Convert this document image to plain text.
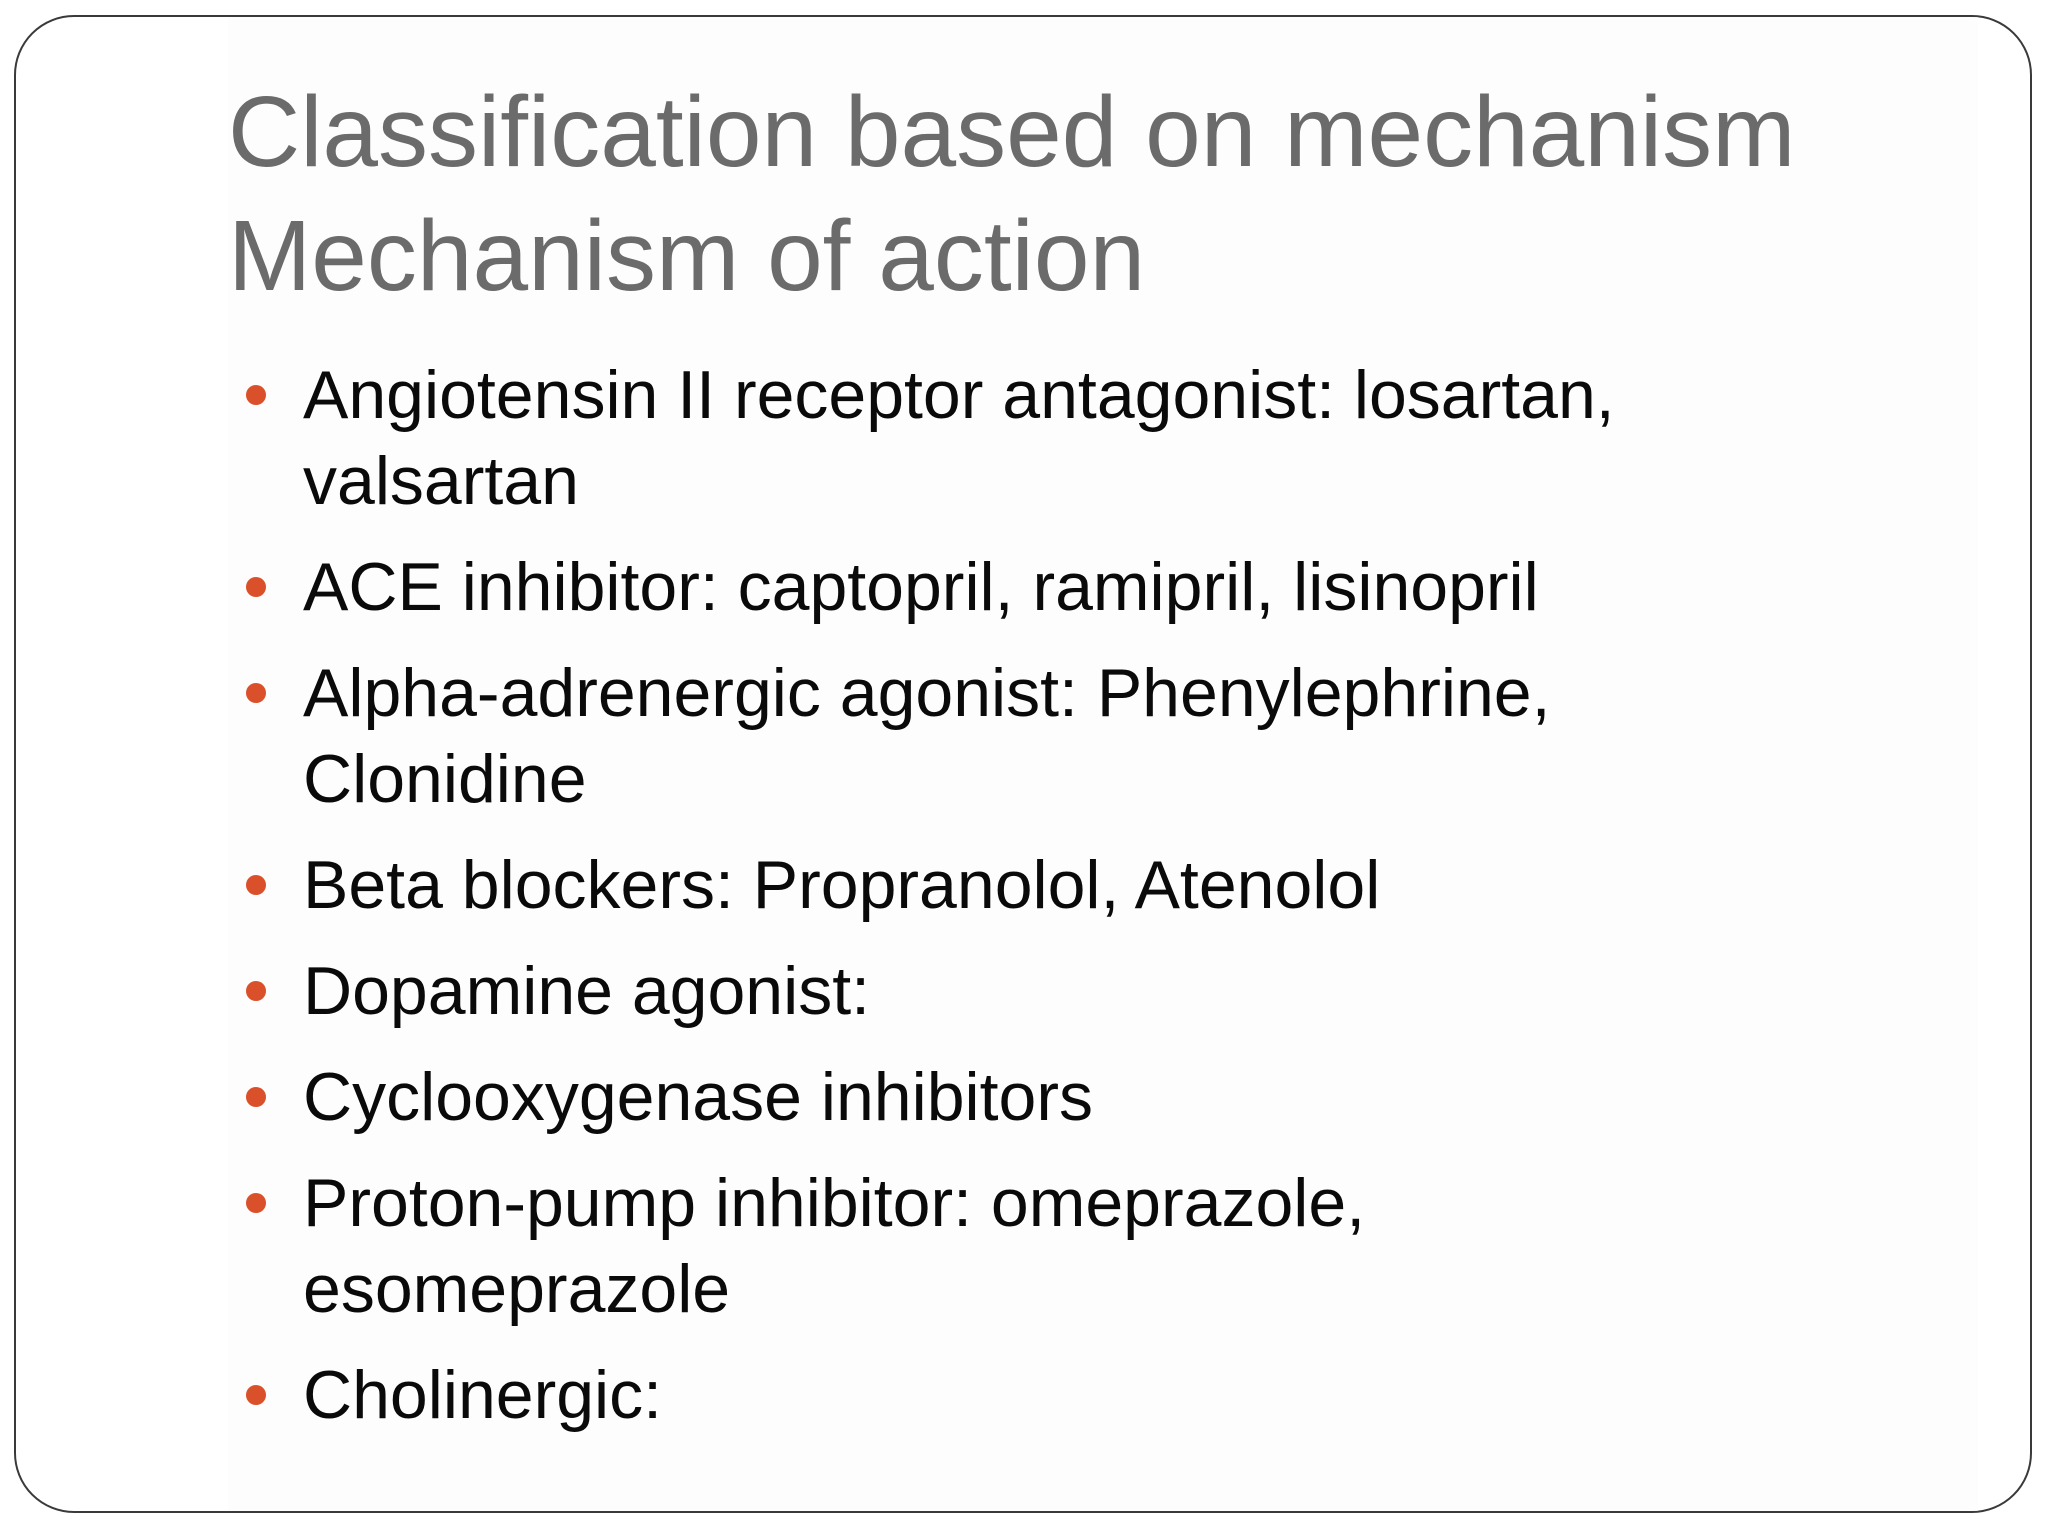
Classification based on mechanism
Mechanism of action
Angiotensin II receptor antagonist: losartan, valsartan
ACE inhibitor: captopril, ramipril, lisinopril
Alpha-adrenergic agonist: Phenylephrine, Clonidine
Beta blockers: Propranolol, Atenolol
Dopamine agonist:
Cyclooxygenase inhibitors
Proton-pump inhibitor: omeprazole, esomeprazole
Cholinergic:
